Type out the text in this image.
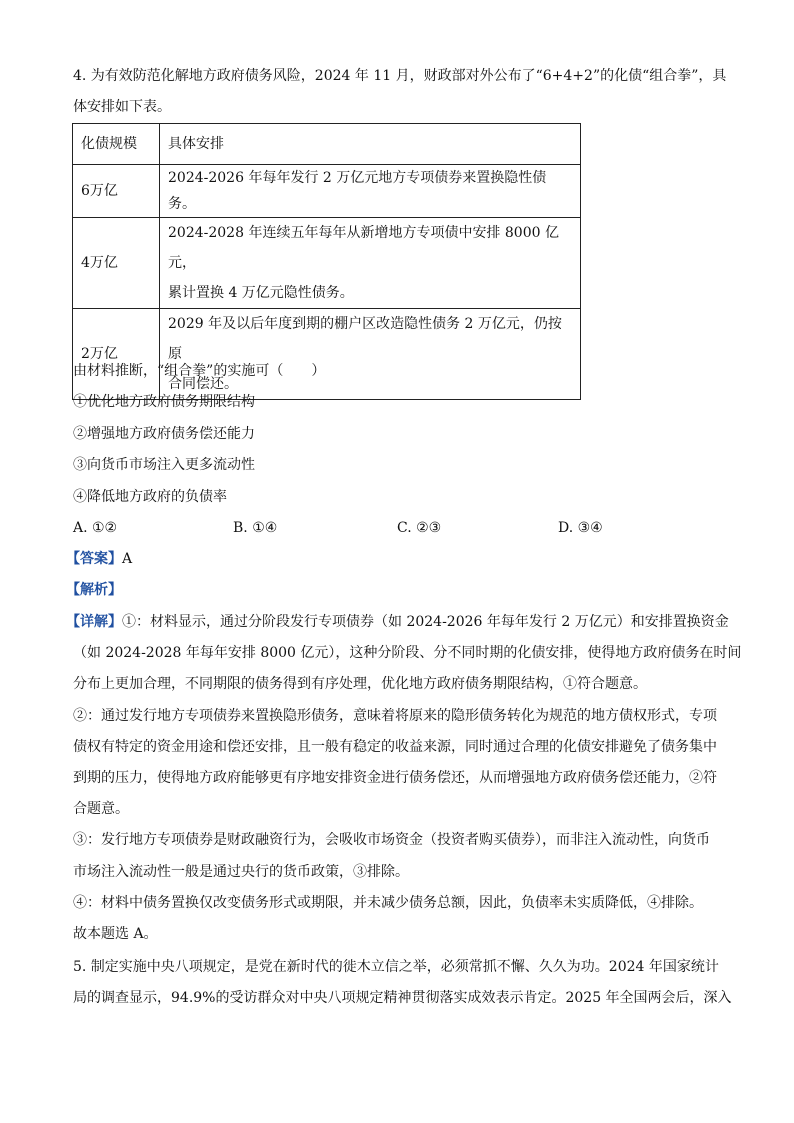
4. 为有效防范化解地方政府债务风险，2024 年 11 月，财政部对外公布了“6+4+2”的化债“组合拳”，具
体安排如下表。
化债规模	具体安排
6万亿	2024-2026 年每年发行 2 万亿元地方专项债券来置换隐性债务。
4万亿	2024-2028 年连续五年每年从新增地方专项债中安排 8000 亿元，
累计置换 4 万亿元隐性债务。

2万亿	2029 年及以后年度到期的棚户区改造隐性债务 2 万亿元，仍按原
合同偿还。
由材料推断，“组合拳”的实施可（　　）
①优化地方政府债务期限结构
②增强地方政府债务偿还能力
③向货币市场注入更多流动性
④降低地方政府的负债率
A. ①②	B. ①④	C. ②③	D. ③④
【答案】A
【解析】
【详解】①：材料显示，通过分阶段发行专项债券（如 2024-2026 年每年发行 2 万亿元）和安排置换资金
（如 2024-2028 年每年安排 8000 亿元），这种分阶段、分不同时期的化债安排，使得地方政府债务在时间
分布上更加合理，不同期限的债务得到有序处理，优化地方政府债务期限结构，①符合题意。
②：通过发行地方专项债券来置换隐形债务，意味着将原来的隐形债务转化为规范的地方债权形式，专项
债权有特定的资金用途和偿还安排，且一般有稳定的收益来源，同时通过合理的化债安排避免了债务集中
到期的压力，使得地方政府能够更有序地安排资金进行债务偿还，从而增强地方政府债务偿还能力，②符
合题意。
③：发行地方专项债券是财政融资行为，会吸收市场资金（投资者购买债券），而非注入流动性，向货币
市场注入流动性一般是通过央行的货币政策，③排除。
④：材料中债务置换仅改变债务形式或期限，并未减少债务总额，因此，负债率未实质降低，④排除。
故本题选 A。
5. 制定实施中央八项规定，是党在新时代的徙木立信之举，必须常抓不懈、久久为功。2024 年国家统计
局的调查显示，94.9%的受访群众对中央八项规定精神贯彻落实成效表示肯定。2025 年全国两会后，深入
